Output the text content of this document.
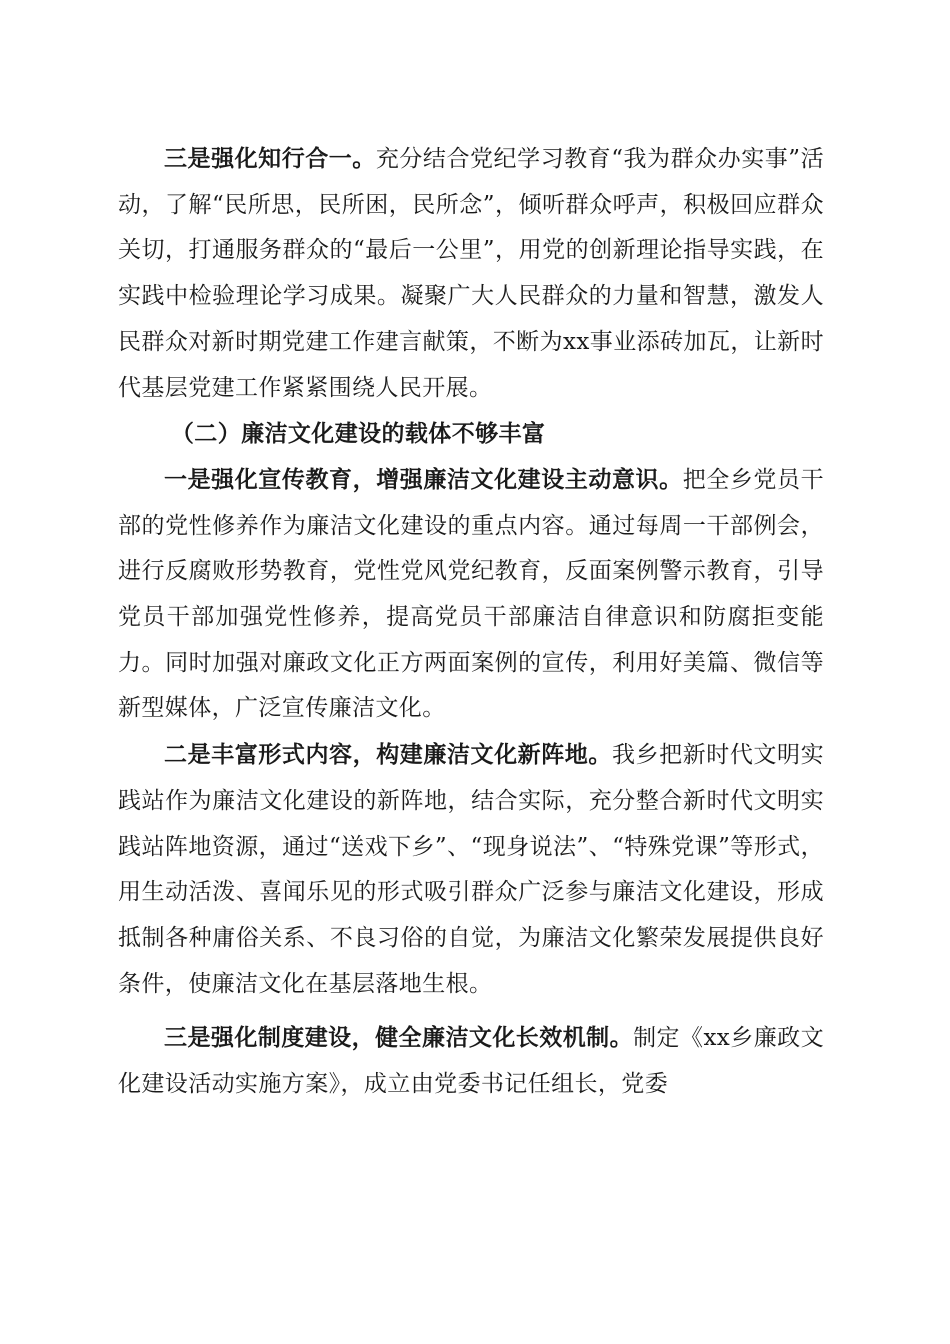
三是强化知行合一。充分结合党纪学习教育“我为群众办实事”活动，了解“民所思，民所困，民所念”，倾听群众呼声，积极回应群众关切，打通服务群众的“最后一公里”，用党的创新理论指导实践，在实践中检验理论学习成果。凝聚广大人民群众的力量和智慧，激发人民群众对新时期党建工作建言献策，不断为xx事业添砖加瓦，让新时代基层党建工作紧紧围绕人民开展。

（二）廉洁文化建设的载体不够丰富

一是强化宣传教育，增强廉洁文化建设主动意识。把全乡党员干部的党性修养作为廉洁文化建设的重点内容。通过每周一干部例会，进行反腐败形势教育，党性党风党纪教育，反面案例警示教育，引导党员干部加强党性修养，提高党员干部廉洁自律意识和防腐拒变能力。同时加强对廉政文化正方两面案例的宣传，利用好美篇、微信等新型媒体，广泛宣传廉洁文化。

二是丰富形式内容，构建廉洁文化新阵地。我乡把新时代文明实践站作为廉洁文化建设的新阵地，结合实际，充分整合新时代文明实践站阵地资源，通过“送戏下乡”、“现身说法”、“特殊党课”等形式，用生动活泼、喜闻乐见的形式吸引群众广泛参与廉洁文化建设，形成抵制各种庸俗关系、不良习俗的自觉，为廉洁文化繁荣发展提供良好条件，使廉洁文化在基层落地生根。

三是强化制度建设，健全廉洁文化长效机制。制定《xx乡廉政文化建设活动实施方案》，成立由党委书记任组长，党委
